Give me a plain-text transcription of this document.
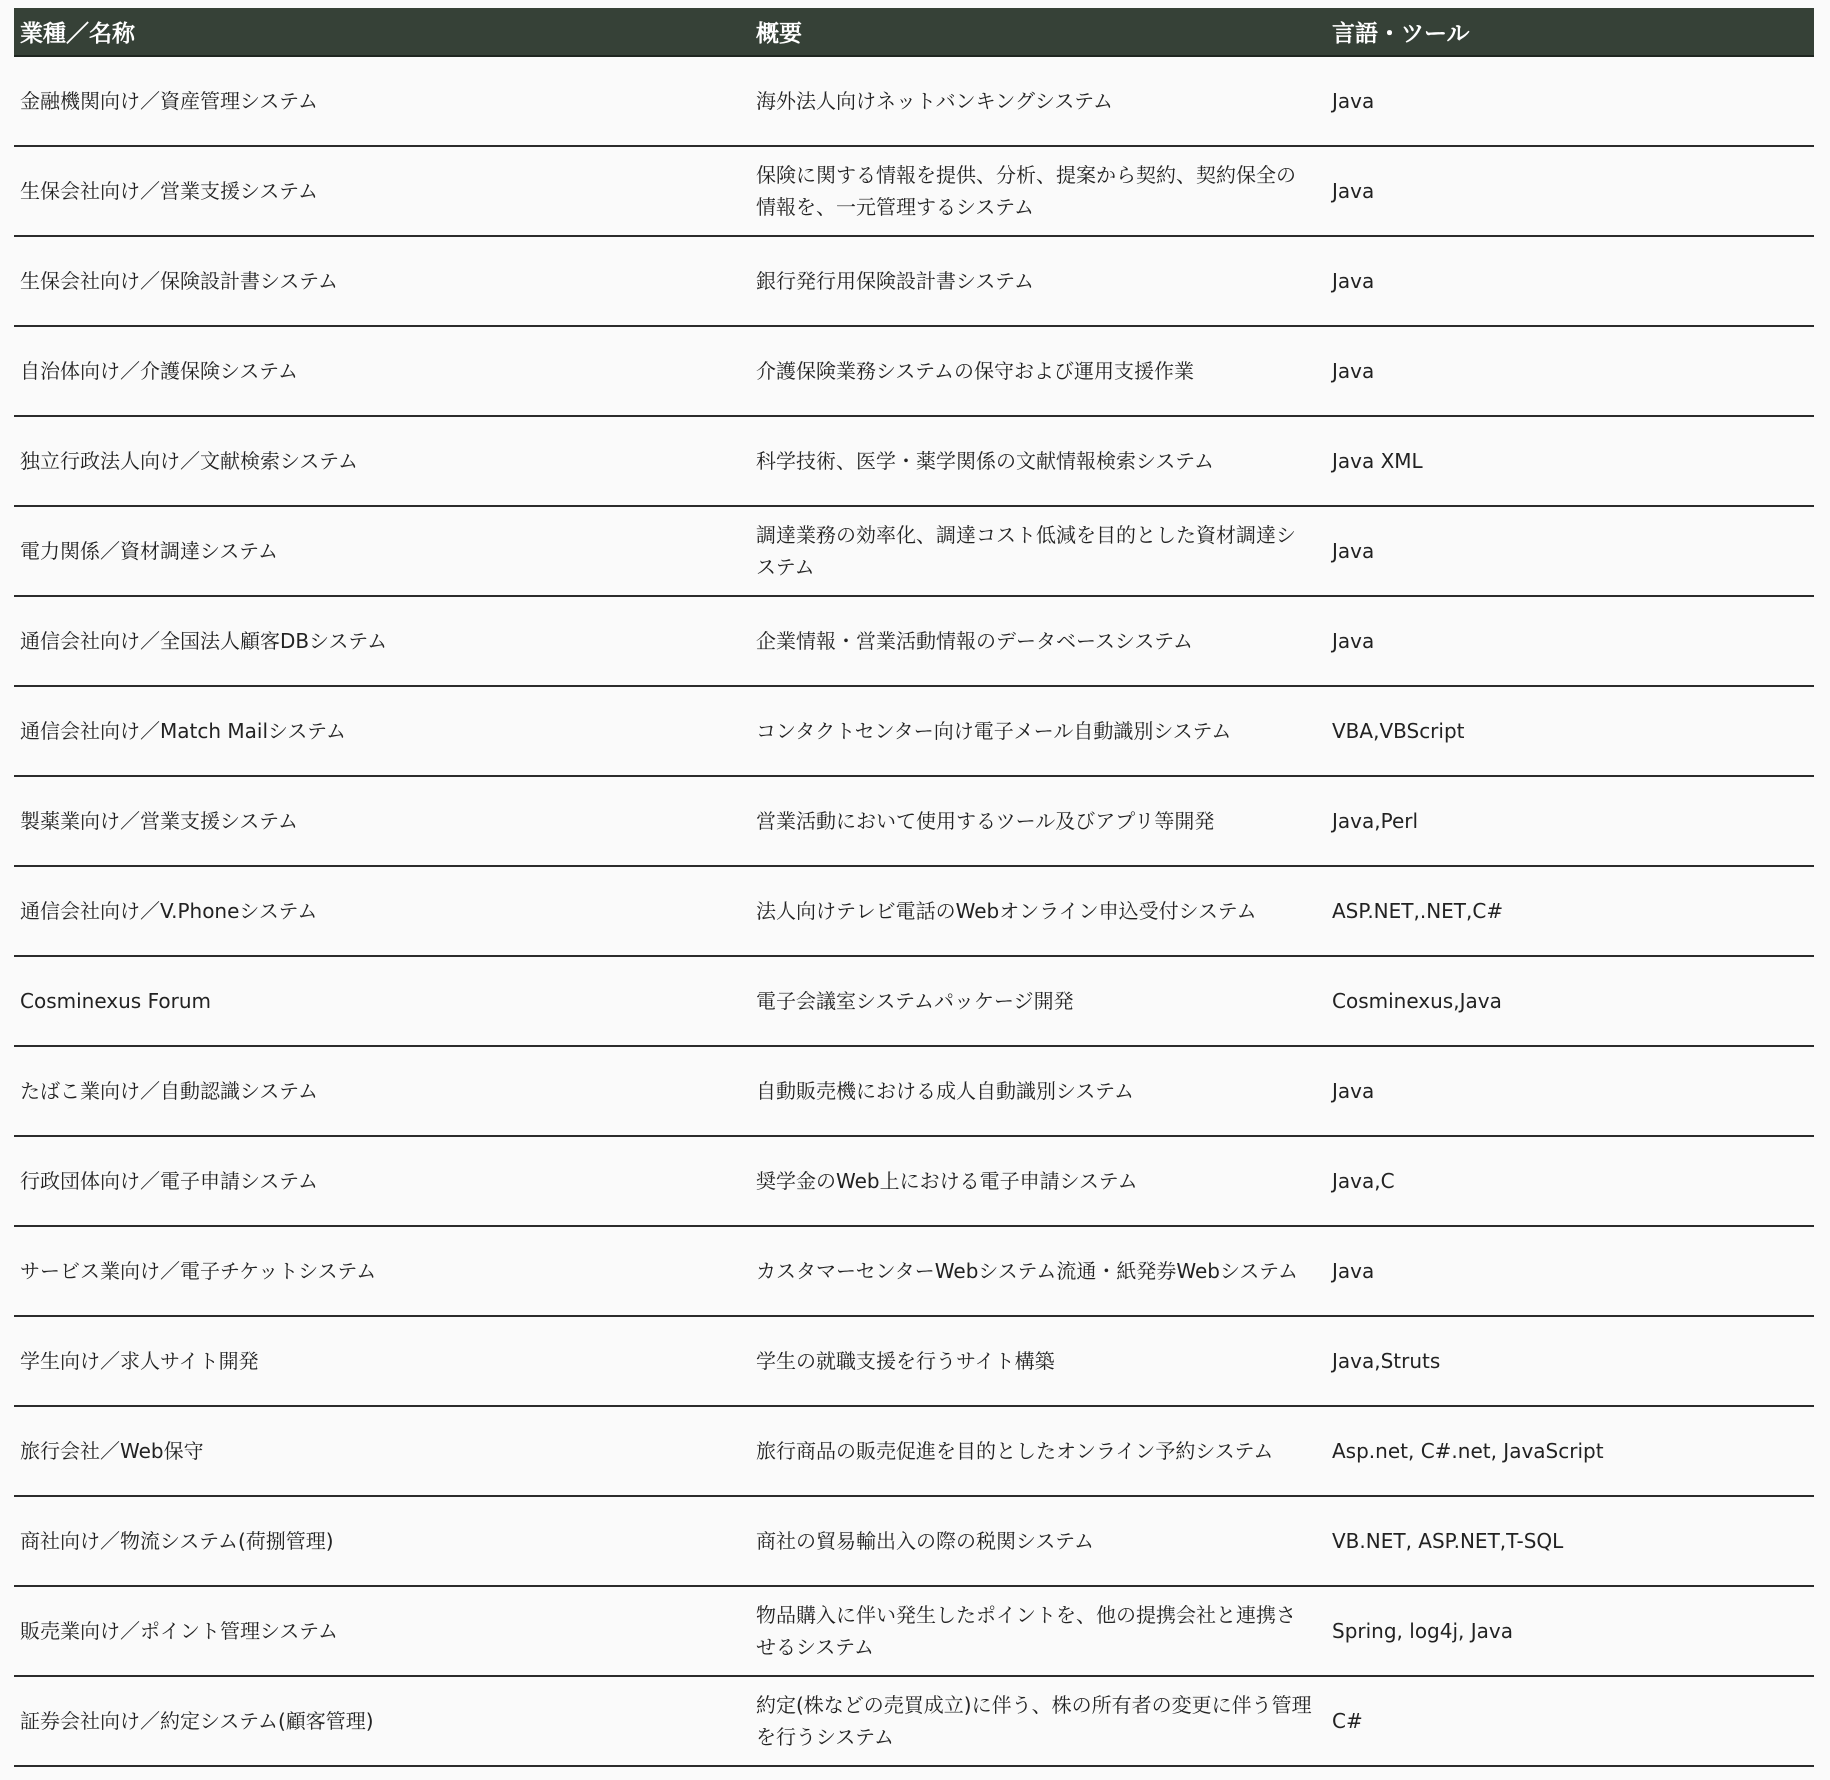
業種／名称	概要	言語・ツール
金融機関向け／資産管理システム	海外法人向けネットバンキングシステム	Java
生保会社向け／営業支援システム	保険に関する情報を提供、分析、提案から契約、契約保全の情報を、一元管理するシステム	Java
生保会社向け／保険設計書システム	銀行発行用保険設計書システム	Java
自治体向け／介護保険システム	介護保険業務システムの保守および運用支援作業	Java
独立行政法人向け／文献検索システム	科学技術、医学・薬学関係の文献情報検索システム	Java XML
電力関係／資材調達システム	調達業務の効率化、調達コスト低減を目的とした資材調達システム	Java
通信会社向け／全国法人顧客DBシステム	企業情報・営業活動情報のデータベースシステム	Java
通信会社向け／Match Mailシステム	コンタクトセンター向け電子メール自動識別システム	VBA,VBScript
製薬業向け／営業支援システム	営業活動において使用するツール及びアプリ等開発	Java,Perl
通信会社向け／V.Phoneシステム	法人向けテレビ電話のWebオンライン申込受付システム	ASP.NET,.NET,C#
Cosminexus Forum	電子会議室システムパッケージ開発	Cosminexus,Java
たばこ業向け／自動認識システム	自動販売機における成人自動識別システム	Java
行政団体向け／電子申請システム	奨学金のWeb上における電子申請システム	Java,C
サービス業向け／電子チケットシステム	カスタマーセンターWebシステム流通・紙発券Webシステム	Java
学生向け／求人サイト開発	学生の就職支援を行うサイト構築	Java,Struts
旅行会社／Web保守	旅行商品の販売促進を目的としたオンライン予約システム	Asp.net, C#.net, JavaScript
商社向け／物流システム(荷捌管理)	商社の貿易輸出入の際の税関システム	VB.NET, ASP.NET,T-SQL
販売業向け／ポイント管理システム	物品購入に伴い発生したポイントを、他の提携会社と連携させるシステム	Spring, log4j, Java
証券会社向け／約定システム(顧客管理)	約定(株などの売買成立)に伴う、株の所有者の変更に伴う管理を行うシステム	C#
